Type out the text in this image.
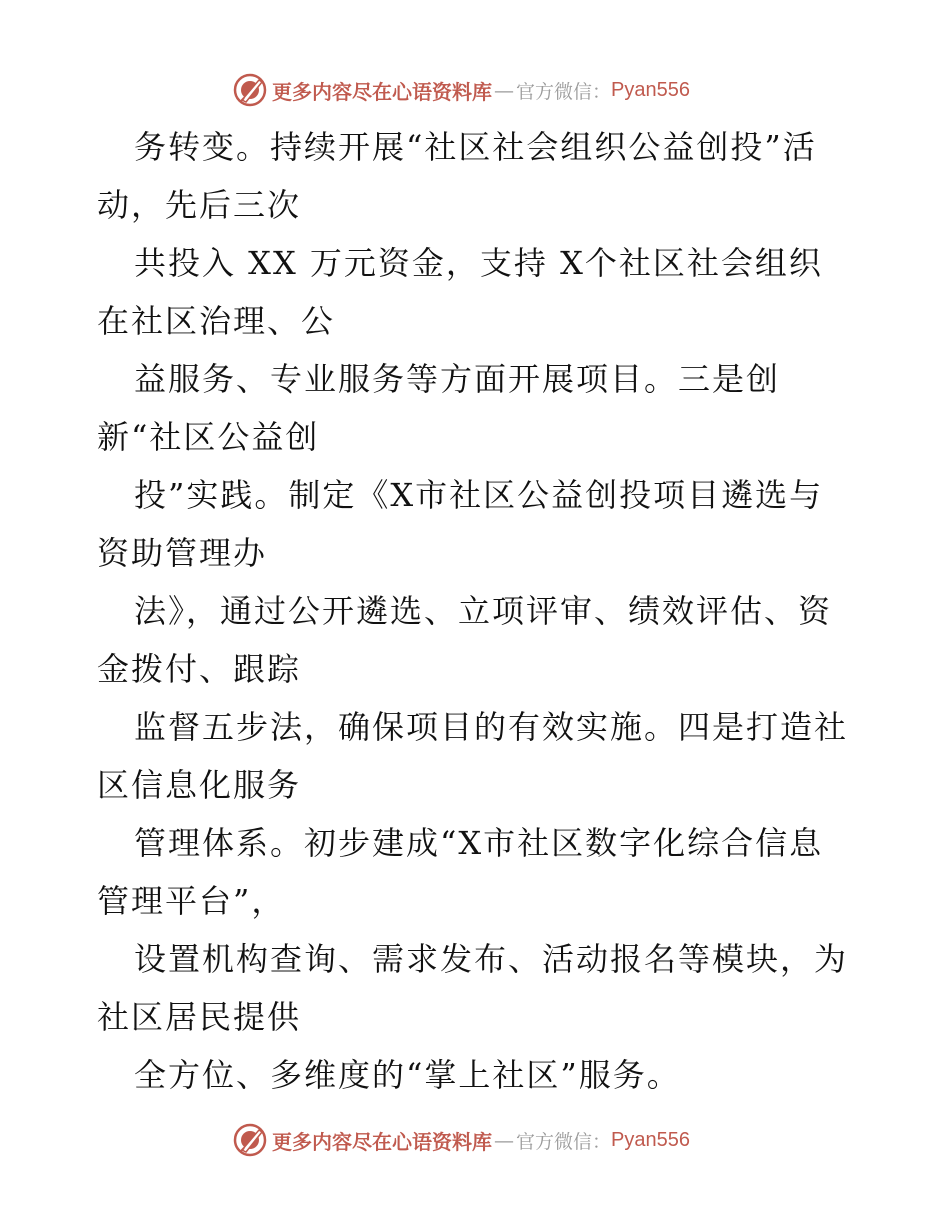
更多内容尽在心语资料库 — 官方微信： Pyan556

务转变。持续开展“社区社会组织公益创投”活

动，先后三次

共投入 XX 万元资金，支持 X个社区社会组织

在社区治理、公

益服务、专业服务等方面开展项目。三是创

新“社区公益创

投”实践。制定《X市社区公益创投项目遴选与

资助管理办

法》，通过公开遴选、立项评审、绩效评估、资

金拨付、跟踪

监督五步法，确保项目的有效实施。四是打造社

区信息化服务

管理体系。初步建成“X市社区数字化综合信息

管理平台”，

设置机构查询、需求发布、活动报名等模块，为

社区居民提供

全方位、多维度的“掌上社区”服务。

更多内容尽在心语资料库 — 官方微信： Pyan556
